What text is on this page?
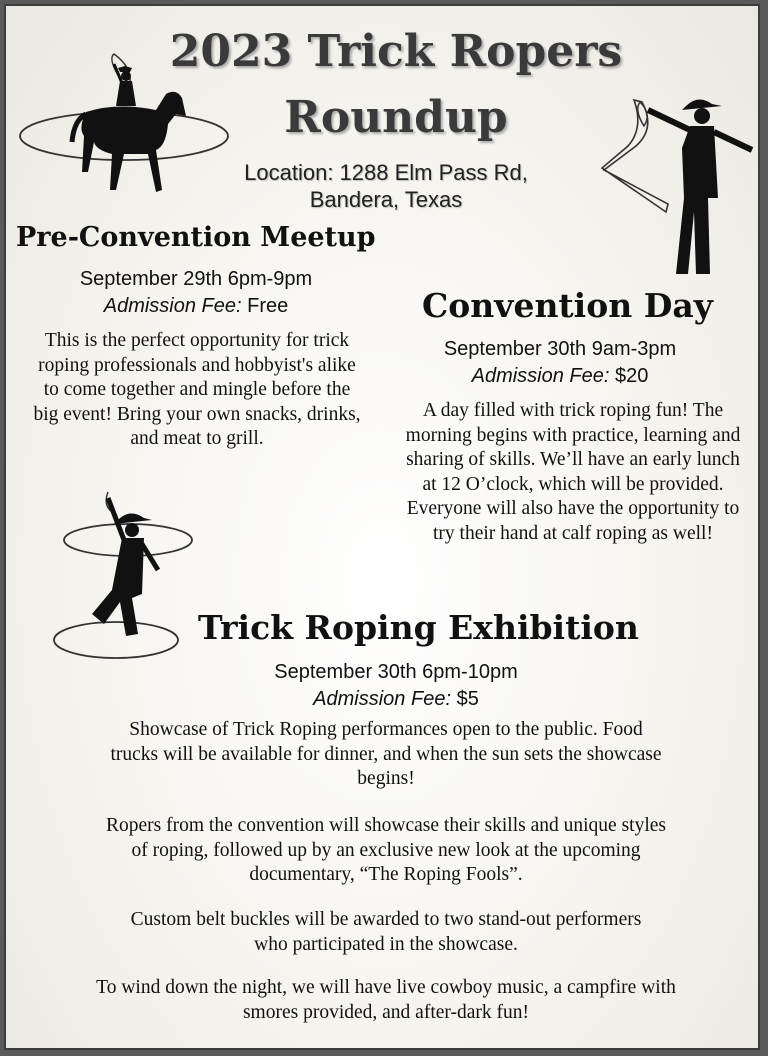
2023 Trick Ropers
Roundup
Location: 1288 Elm Pass Rd,
Bandera, Texas
Pre-Convention Meetup
September 29th 6pm-9pm
Admission Fee: Free
This is the perfect opportunity for trick roping professionals and hobbyist's alike to come together and mingle before the big event! Bring your own snacks, drinks, and meat to grill.
Convention Day
September 30th 9am-3pm
Admission Fee: $20
A day filled with trick roping fun! The morning begins with practice, learning and sharing of skills. We’ll have an early lunch at 12 O’clock, which will be provided. Everyone will also have the opportunity to try their hand at calf roping as well!
Trick Roping Exhibition
September 30th 6pm-10pm
Admission Fee: $5
Showcase of Trick Roping performances open to the public. Food trucks will be available for dinner, and when the sun sets the showcase begins!
Ropers from the convention will showcase their skills and unique styles of roping, followed up by an exclusive new look at the upcoming documentary, “The Roping Fools”.
Custom belt buckles will be awarded to two stand-out performers who participated in the showcase.
To wind down the night, we will have live cowboy music, a campfire with smores provided, and after-dark fun!
